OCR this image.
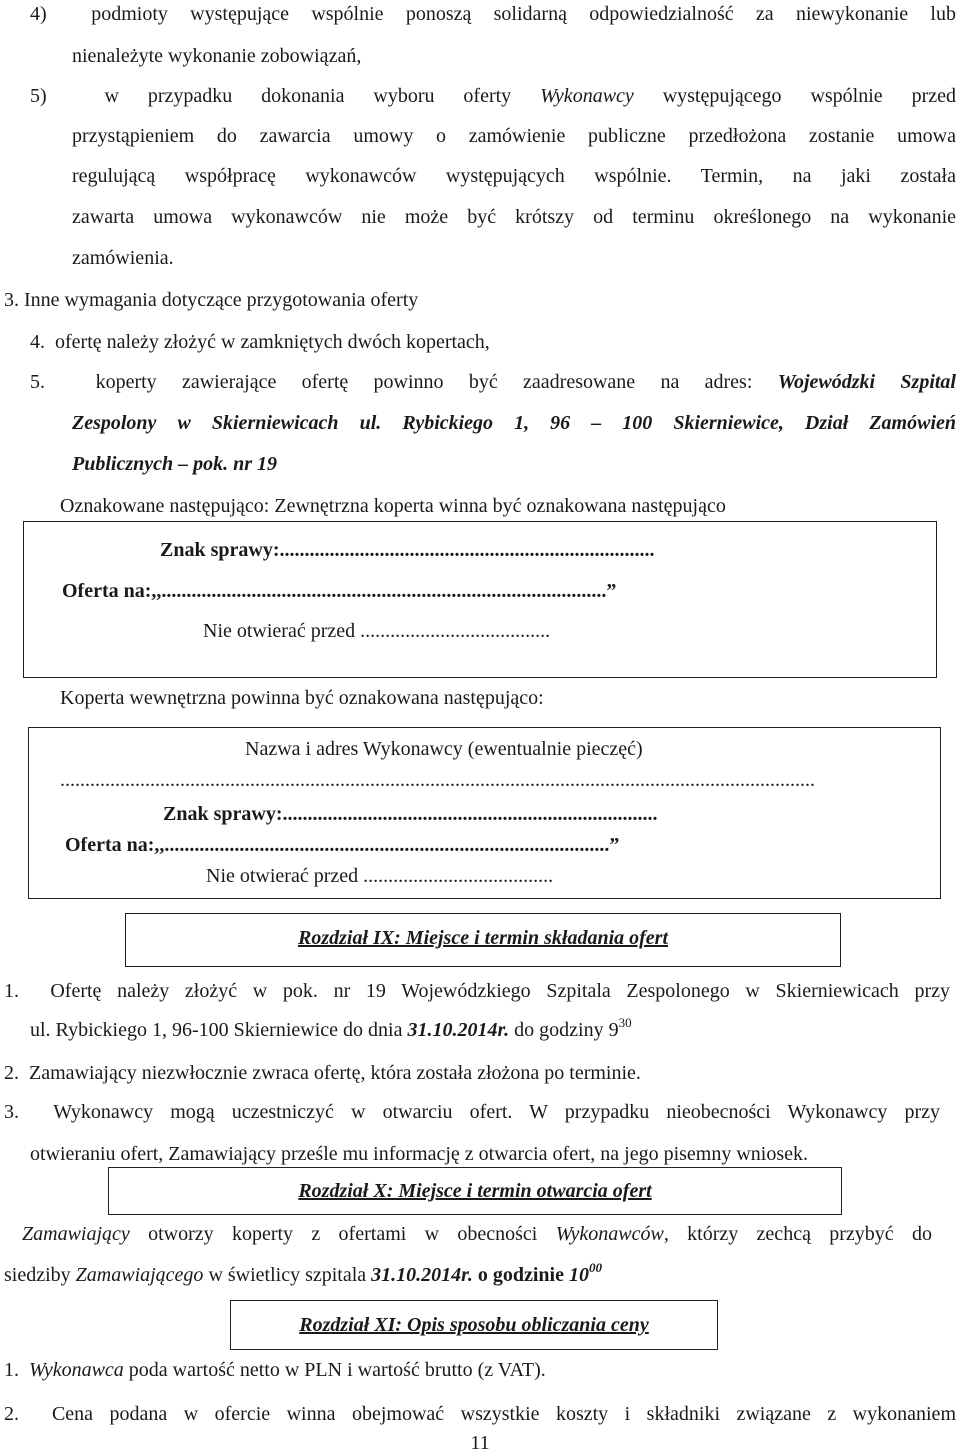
4)  podmioty występujące wspólnie ponoszą solidarną odpowiedzialność za niewykonanie lub
nienależyte wykonanie zobowiązań,
5)  w przypadku dokonania wyboru oferty Wykonawcy występującego wspólnie przed
przystąpieniem do zawarcia umowy o zamówienie publiczne przedłożona zostanie umowa
regulującą współpracę wykonawców występujących wspólnie. Termin, na jaki została
zawarta umowa wykonawców nie może być krótszy od terminu określonego na wykonanie
zamówienia.
3. Inne wymagania dotyczące przygotowania oferty
4.  ofertę należy złożyć w zamkniętych dwóch kopertach,
5.  koperty zawierające ofertę powinno być zaadresowane na adres: Wojewódzki Szpital
Zespolony w Skierniewicach ul. Rybickiego 1, 96 – 100 Skierniewice, Dział Zamówień
Publicznych – pok. nr 19
Oznakowane następująco: Zewnętrzna koperta winna być oznakowana następująco
Znak sprawy:...........................................................................
Oferta na:,,.........................................................................................”
Nie otwierać przed ......................................
Koperta wewnętrzna powinna być oznakowana następująco:
Nazwa i adres Wykonawcy (ewentualnie pieczęć)
.......................................................................................................................................................
Znak sprawy:...........................................................................
Oferta na:,,.........................................................................................”
Nie otwierać przed ......................................
Rozdział IX: Miejsce i termin składania ofert
1.  Ofertę należy złożyć w pok. nr 19 Wojewódzkiego Szpitala Zespolonego w Skierniewicach przy
ul. Rybickiego 1, 96-100 Skierniewice do dnia 31.10.2014r. do godziny $9^{30}$
2.  Zamawiający niezwłocznie zwraca ofertę, która została złożona po terminie.
3.  Wykonawcy mogą uczestniczyć w otwarciu ofert. W przypadku nieobecności Wykonawcy przy
otwieraniu ofert, Zamawiający prześle mu informację z otwarcia ofert, na jego pisemny wniosek.
Rozdział X: Miejsce i termin otwarcia ofert
Zamawiający otworzy koperty z ofertami w obecności Wykonawców, którzy zechcą przybyć do
siedziby Zamawiającego w świetlicy szpitala 31.10.2014r. o godzinie $10^{00}$
Rozdział XI: Opis sposobu obliczania ceny
1.  Wykonawca poda wartość netto w PLN i wartość brutto (z VAT).
2.  Cena podana w ofercie winna obejmować wszystkie koszty i składniki związane z wykonaniem
11
